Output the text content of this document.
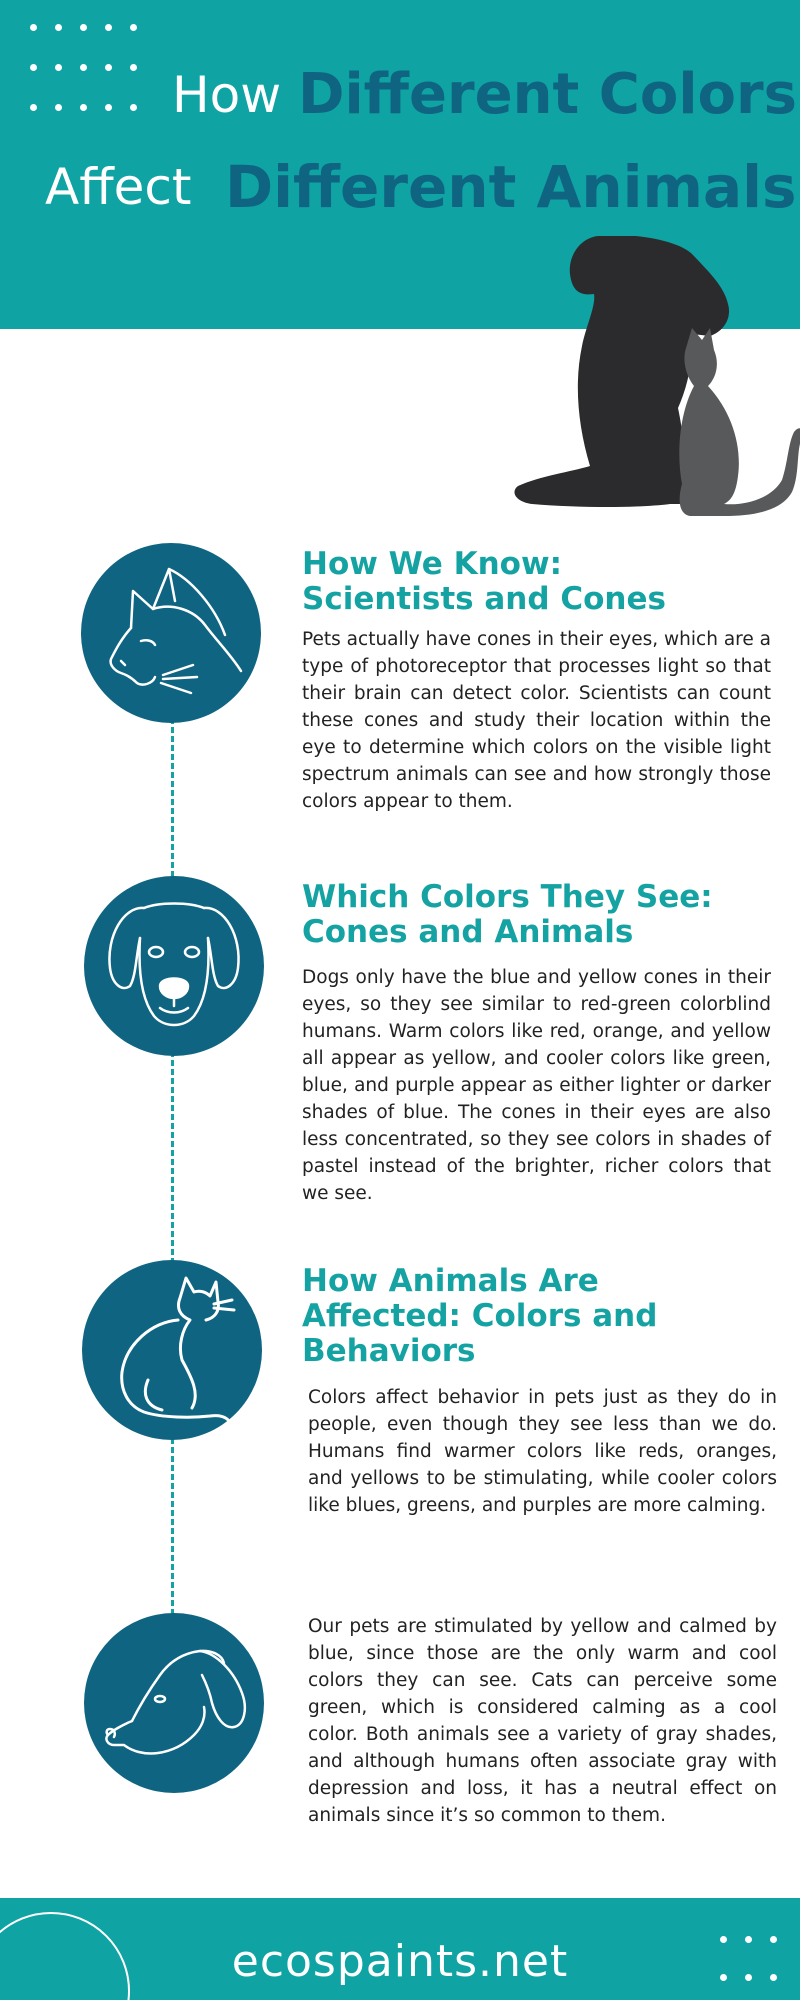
How Different Colors
Affect Different Animals
How We Know: Scientists and Cones
Pets actually have cones in their eyes, which are a type of photoreceptor that processes light so that their brain can detect color. Scientists can count these cones and study their location within the eye to determine which colors on the visible light spectrum animals can see and how strongly those colors appear to them.
Which Colors They See: Cones and Animals
Dogs only have the blue and yellow cones in their eyes, so they see similar to red-green colorblind humans. Warm colors like red, orange, and yellow all appear as yellow, and cooler colors like green, blue, and purple appear as either lighter or darker shades of blue. The cones in their eyes are also less concentrated, so they see colors in shades of pastel instead of the brighter, richer colors that we see.
How Animals Are Affected: Colors and Behaviors
Colors affect behavior in pets just as they do in people, even though they see less than we do. Humans find warmer colors like reds, oranges, and yellows to be stimulating, while cooler colors like blues, greens, and purples are more calming.
Our pets are stimulated by yellow and calmed by blue, since those are the only warm and cool colors they can see. Cats can perceive some green, which is considered calming as a cool color. Both animals see a variety of gray shades, and although humans often associate gray with depression and loss, it has a neutral effect on animals since it’s so common to them.
ecospaints.net
